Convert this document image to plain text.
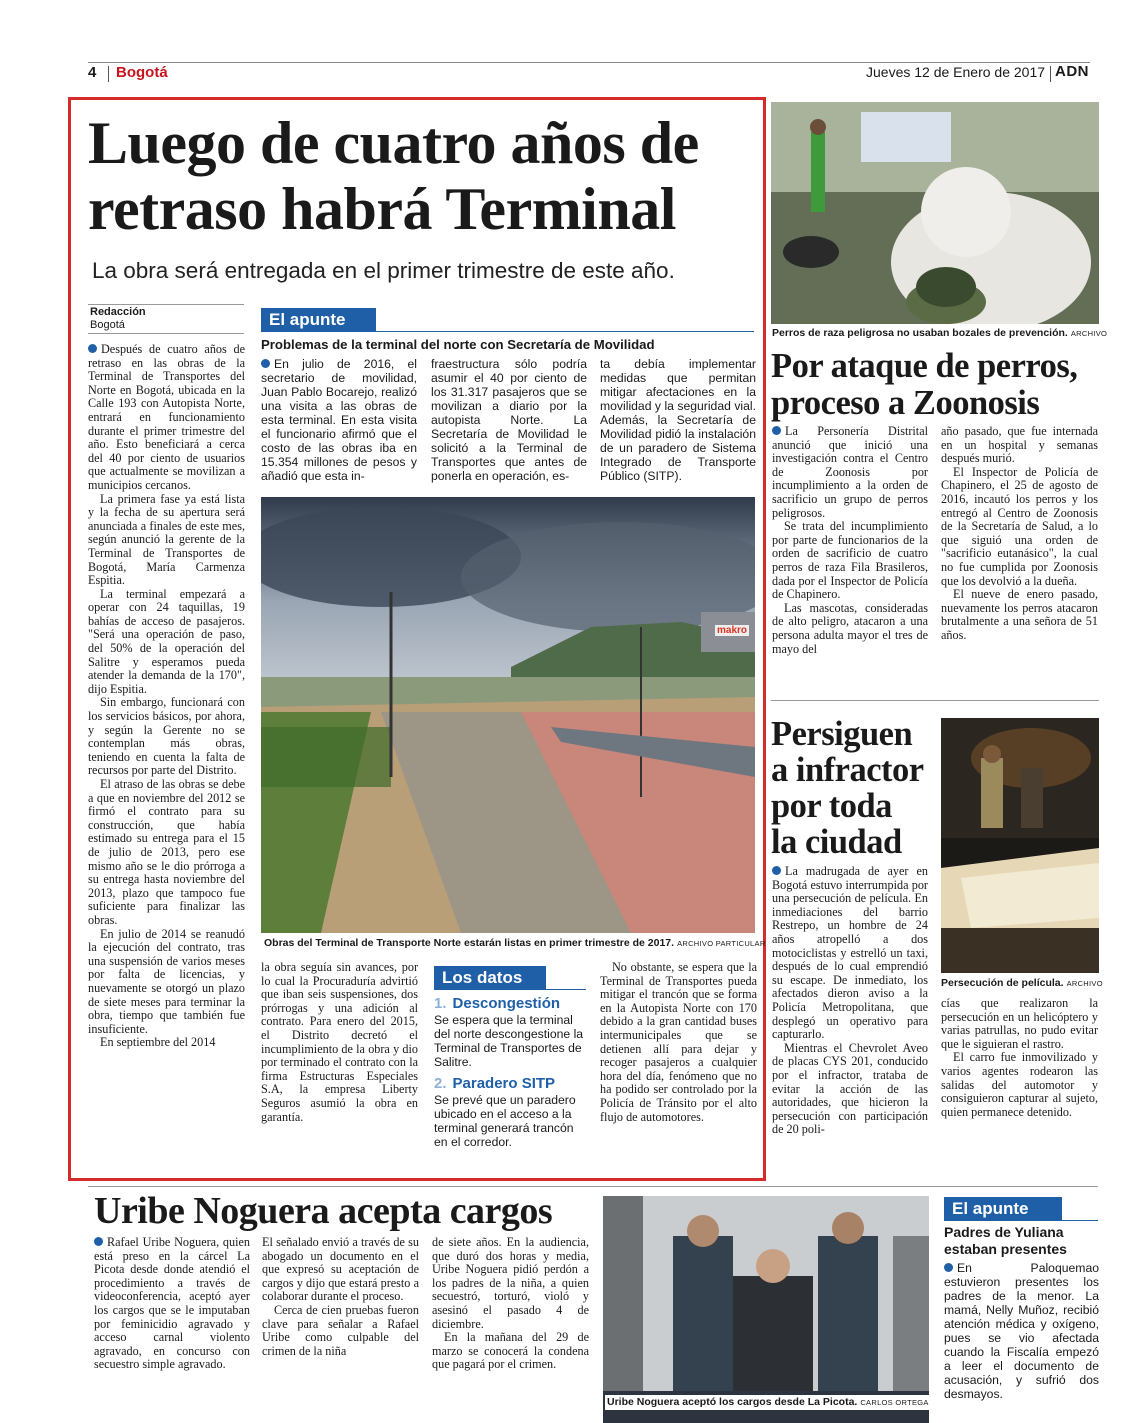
4 Bogotá	Jueves 12 de Enero de 2017 ADN
Luego de cuatro años de
retraso habrá Terminal
La obra será entregada en el primer trimestre de este año.
Redacción
Bogotá

Después de cuatro años de retraso en las obras de la Terminal de Transportes del Norte en Bogotá, ubicada en la Calle 193 con Autopista Norte, entrará en funcionamiento durante el primer trimestre del año. Esto beneficiará a cerca del 40 por ciento de usuarios que actualmente se movilizan a municipios cercanos.

La primera fase ya está lista y la fecha de su apertura será anunciada a finales de este mes, según anunció la gerente de la Terminal de Transportes de Bogotá, María Carmenza Espitia.

La terminal empezará a operar con 24 taquillas, 19 bahías de acceso de pasajeros. "Será una operación de paso, del 50% de la operación del Salitre y esperamos pueda atender la demanda de la 170", dijo Espitia.

Sin embargo, funcionará con los servicios básicos, por ahora, y según la Gerente no se contemplan más obras, teniendo en cuenta la falta de recursos por parte del Distrito.

El atraso de las obras se debe a que en noviembre del 2012 se firmó el contrato para su construcción, que había estimado su entrega para el 15 de julio de 2013, pero ese mismo año se le dio prórroga a su entrega hasta noviembre del 2013, plazo que tampoco fue suficiente para finalizar las obras.

En julio de 2014 se reanudó la ejecución del contrato, tras una suspensión de varios meses por falta de licencias, y nuevamente se otorgó un plazo de siete meses para terminar la obra, tiempo que también fue insuficiente.

En septiembre del 2014

El apunte
Problemas de la terminal del norte con Secretaría de Movilidad
En julio de 2016, el secretario de movilidad, Juan Pablo Bocarejo, realizó una visita a las obras de esta terminal. En esta visita el funcionario afirmó que el costo de las obras iba en 15.354 millones de pesos y añadió que esta in-
fraestructura sólo podría asumir el 40 por ciento de los 31.317 pasajeros que se movilizan a diario por la autopista Norte. La Secretaría de Movilidad le solicitó a la Terminal de Transportes que antes de ponerla en operación, es-
ta debía implementar medidas que permitan mitigar afectaciones en la movilidad y la seguridad vial. Además, la Secretaría de Movilidad pidió la instalación de un paradero de Sistema Integrado de Transporte Público (SITP).
makro
Obras del Terminal de Transporte Norte estarán listas en primer trimestre de 2017. ARCHIVO PARTICULAR

la obra seguía sin avances, por lo cual la Procuraduría advirtió que iban seis suspensiones, dos prórrogas y una adición al contrato. Para enero del 2015, el Distrito decretó el incumplimiento de la obra y dio por terminado el contrato con la firma Estructuras Especiales S.A, la empresa Liberty Seguros asumió la obra en garantía.

Los datos
1. Descongestión
Se espera que la terminal del norte descongestione la Terminal de Transportes de Salitre.
2. Paradero SITP
Se prevé que un paradero ubicado en el acceso a la terminal generará trancón en el corredor.

No obstante, se espera que la Terminal de Transportes pueda mitigar el trancón que se forma en la Autopista Norte con 170 debido a la gran cantidad buses intermunicipales que se detienen allí para dejar y recoger pasajeros a cualquier hora del día, fenómeno que no ha podido ser controlado por la Policía de Tránsito por el alto flujo de automotores.

Perros de raza peligrosa no usaban bozales de prevención. ARCHIVO
Por ataque de perros,
proceso a Zoonosis

La Personería Distrital anunció que inició una investigación contra el Centro de Zoonosis por incumplimiento a la orden de sacrificio un grupo de perros peligrosos.

Se trata del incumplimiento por parte de funcionarios de la orden de sacrificio de cuatro perros de raza Fila Brasileros, dada por el Inspector de Policía de Chapinero.

Las mascotas, consideradas de alto peligro, atacaron a una persona adulta mayor el tres de mayo del

año pasado, que fue internada en un hospital y semanas después murió.

El Inspector de Policía de Chapinero, el 25 de agosto de 2016, incautó los perros y los entregó al Centro de Zoonosis de la Secretaría de Salud, a lo que siguió una orden de "sacrificio eutanásico", la cual no fue cumplida por Zoonosis que los devolvió a la dueña.

El nueve de enero pasado, nuevamente los perros atacaron brutalmente a una señora de 51 años.

Persiguen
a infractor
por toda
la ciudad
Persecución de película. ARCHIVO

La madrugada de ayer en Bogotá estuvo interrumpida por una persecución de película. En inmediaciones del barrio Restrepo, un hombre de 24 años atropelló a dos motociclistas y estrelló un taxi, después de lo cual emprendió su escape. De inmediato, los afectados dieron aviso a la Policía Metropolitana, que desplegó un operativo para capturarlo.

Mientras el Chevrolet Aveo de placas CYS 201, conducido por el infractor, trataba de evitar la acción de las autoridades, que hicieron la persecución con participación de 20 poli-

cías que realizaron la persecución en un helicóptero y varias patrullas, no pudo evitar que le siguieran el rastro.

El carro fue inmovilizado y varios agentes rodearon las salidas del automotor y consiguieron capturar al sujeto, quien permanece detenido.

Uribe Noguera acepta cargos

Rafael Uribe Noguera, quien está preso en la cárcel La Picota desde donde atendió el procedimiento a través de videoconferencia, aceptó ayer los cargos que se le imputaban por feminicidio agravado y acceso carnal violento agravado, en concurso con secuestro simple agravado.

El señalado envió a través de su abogado un documento en el que expresó su aceptación de cargos y dijo que estará presto a colaborar durante el proceso.

Cerca de cien pruebas fueron clave para señalar a Rafael Uribe como culpable del crimen de la niña

de siete años. En la audiencia, que duró dos horas y media, Uribe Noguera pidió perdón a los padres de la niña, a quien secuestró, torturó, violó y asesinó el pasado 4 de diciembre.

En la mañana del 29 de marzo se conocerá la condena que pagará por el crimen.

Uribe Noguera aceptó los cargos desde La Picota. CARLOS ORTEGA
El apunte
Padres de Yuliana
estaban presentes
En Paloquemao estuvieron presentes los padres de la menor. La mamá, Nelly Muñoz, recibió atención médica y oxígeno, pues se vio afectada cuando la Fiscalía empezó a leer el documento de acusación, y sufrió dos desmayos.
